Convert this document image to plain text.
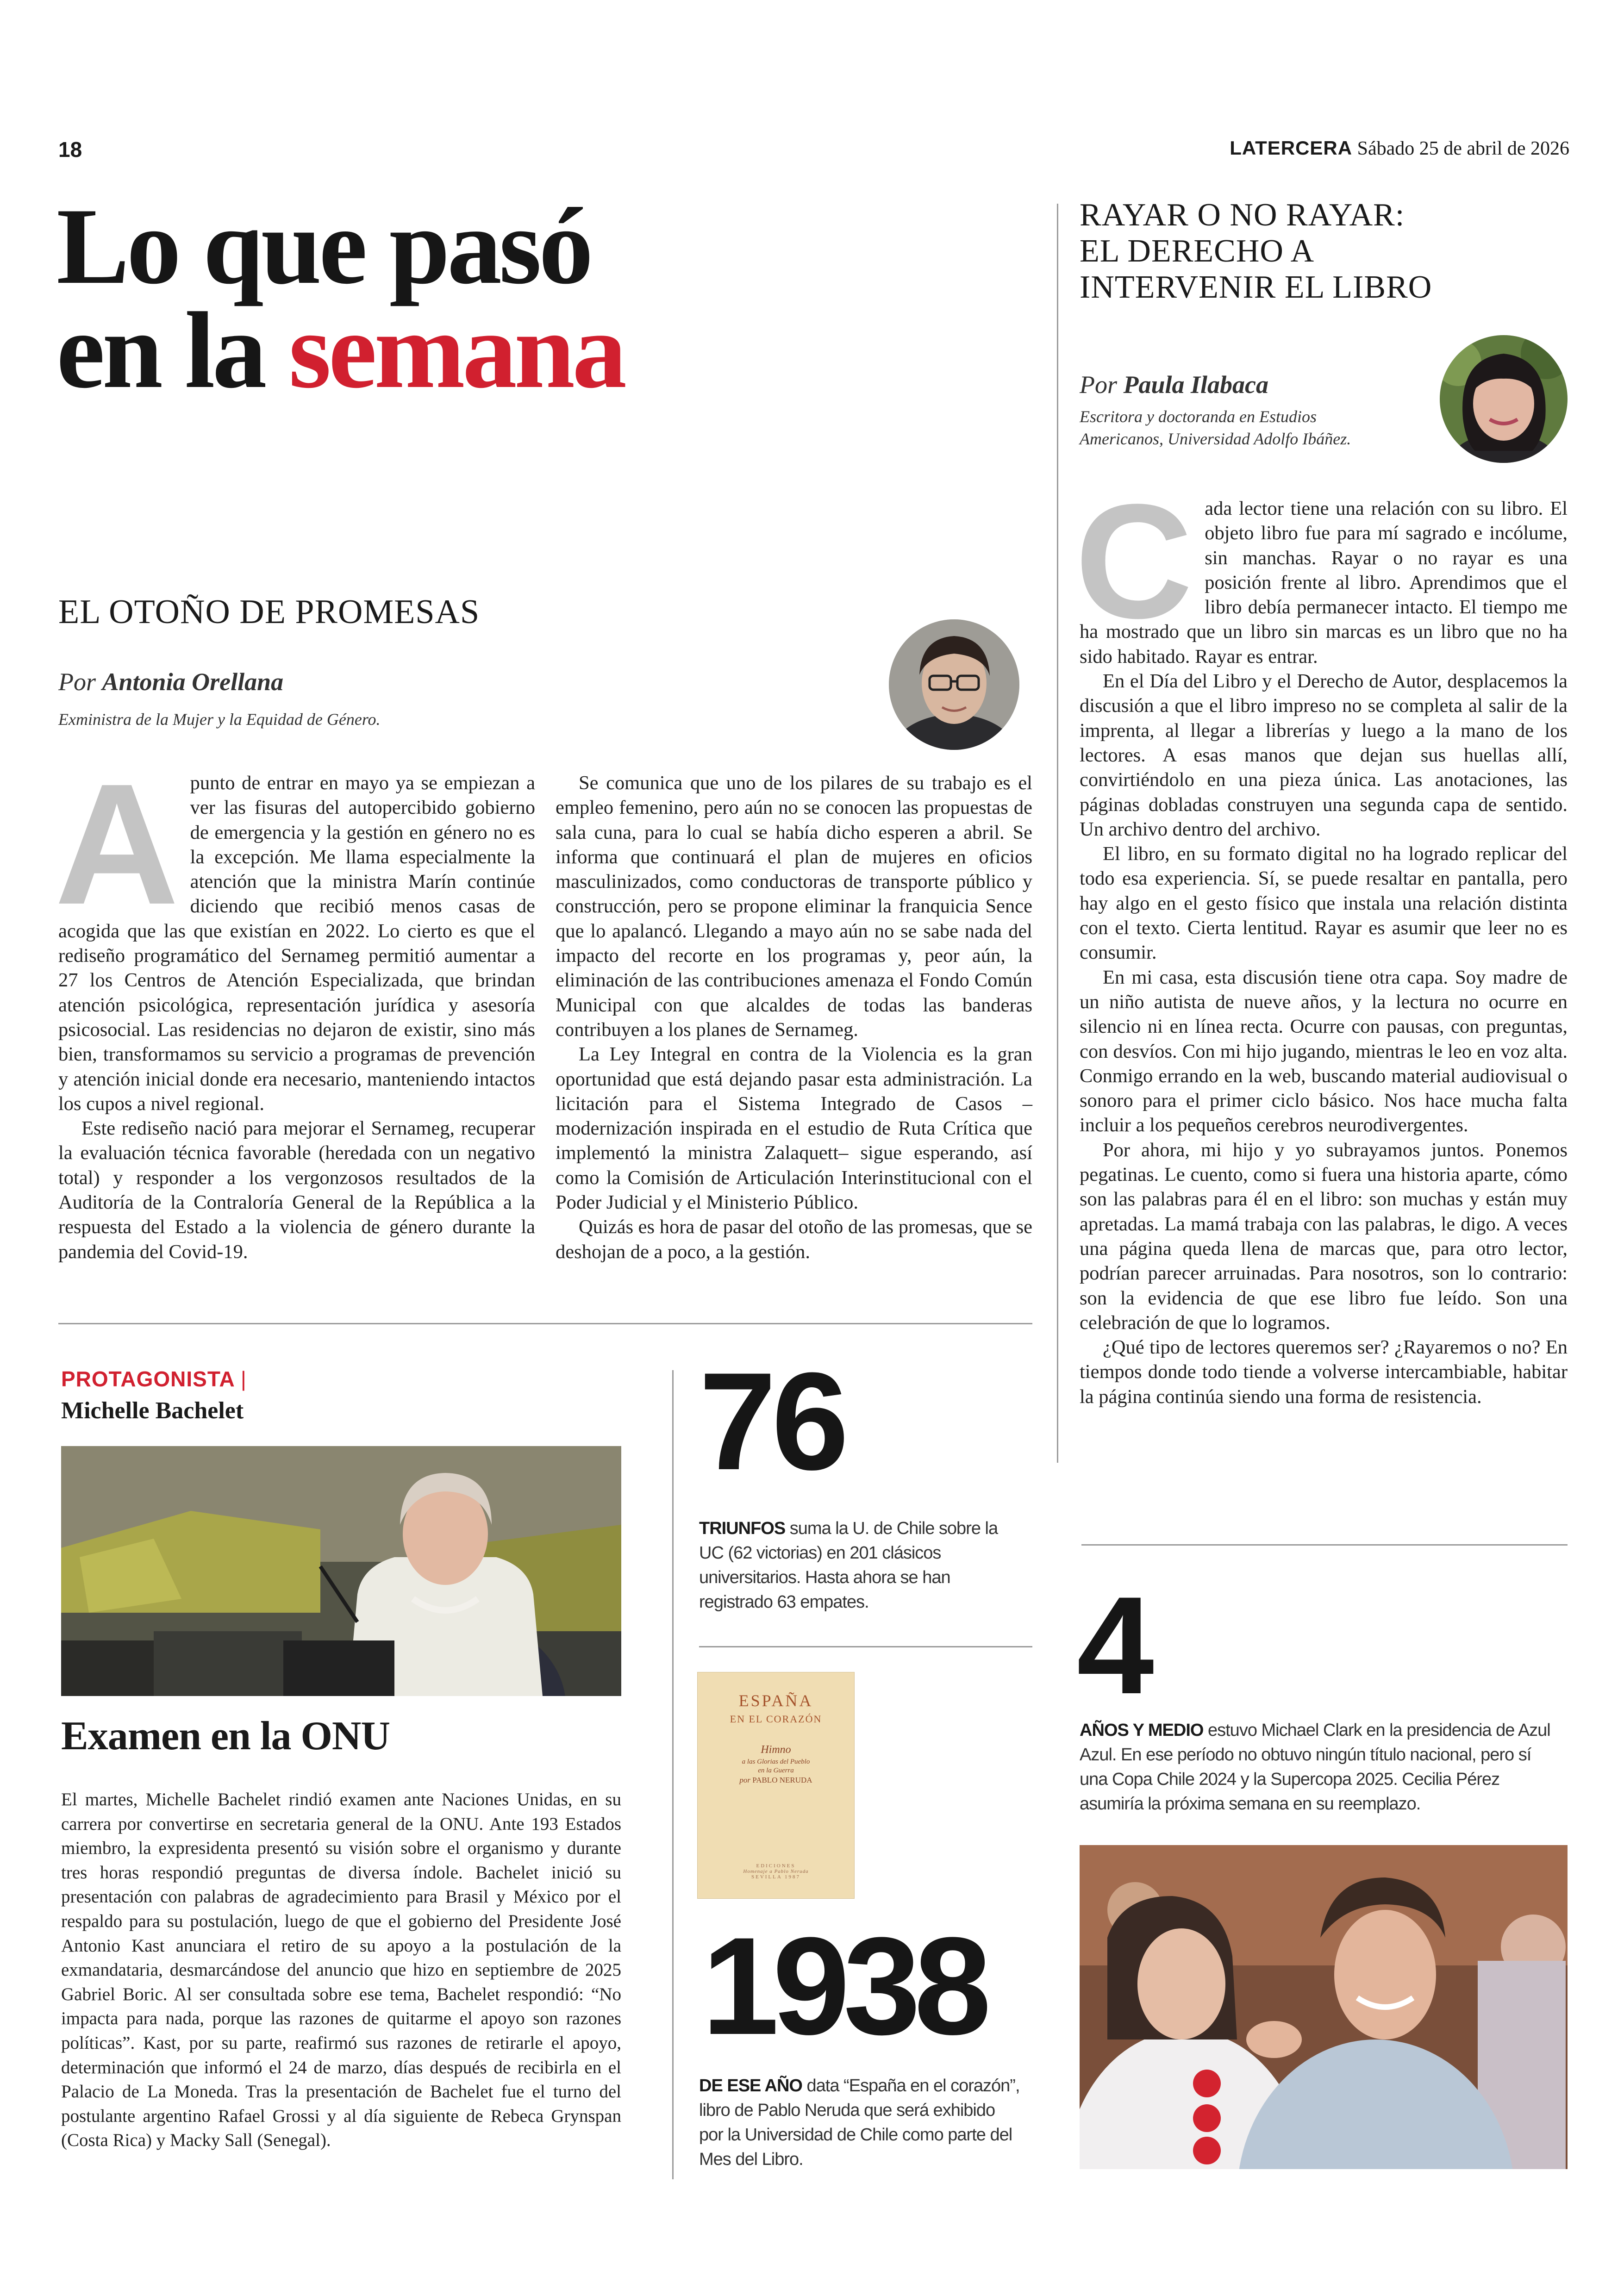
18	LATERCERA Sábado 25 de abril de 2026
Lo que pasó
en la semana
EL OTOÑO DE PROMESAS
Por Antonia Orellana
Exministra de la Mujer y la Equidad de Género.
A punto de entrar en mayo ya se empiezan a ver las fisuras del autopercibido gobierno de emergencia y la gestión en género no es la excepción. Me llama especialmente la atención que la ministra Marín continúe diciendo que recibió menos casas de acogida que las que existían en 2022. Lo cierto es que el rediseño programático del Sernameg permitió aumentar a 27 los Centros de Atención Especializada, que brindan atención psicológica, representación jurídica y asesoría psicosocial. Las residencias no dejaron de existir, sino más bien, transformamos su servicio a programas de prevención y atención inicial donde era necesario, manteniendo intactos los cupos a nivel regional.

Este rediseño nació para mejorar el Sernameg, recuperar la evaluación técnica favorable (heredada con un negativo total) y responder a los vergonzosos resultados de la Auditoría de la Contraloría General de la República a la respuesta del Estado a la violencia de género durante la pandemia del Covid-19.

Se comunica que uno de los pilares de su trabajo es el empleo femenino, pero aún no se conocen las propuestas de sala cuna, para lo cual se había dicho esperen a abril. Se informa que continuará el plan de mujeres en oficios masculinizados, como conductoras de transporte público y construcción, pero se propone eliminar la franquicia Sence que lo apalancó. Llegando a mayo aún no se sabe nada del impacto del recorte en los programas y, peor aún, la eliminación de las contribuciones amenaza el Fondo Común Municipal con que alcaldes de todas las banderas contribuyen a los planes de Sernameg.

La Ley Integral en contra de la Violencia es la gran oportunidad que está dejando pasar esta administración. La licitación para el Sistema Integrado de Casos –modernización inspirada en el estudio de Ruta Crítica que implementó la ministra Zalaquett– sigue esperando, así como la Comisión de Articulación Interinstitucional con el Poder Judicial y el Ministerio Público.

Quizás es hora de pasar del otoño de las promesas, que se deshojan de a poco, a la gestión.

RAYAR O NO RAYAR:
EL DERECHO A
INTERVENIR EL LIBRO
Por Paula Ilabaca
Escritora y doctoranda en Estudios
Americanos, Universidad Adolfo Ibáñez.
C ada lector tiene una relación con su libro. El objeto libro fue para mí sagrado e incólume, sin manchas. Rayar o no rayar es una posición frente al libro. Aprendimos que el libro debía permanecer intacto. El tiempo me ha mostrado que un libro sin marcas es un libro que no ha sido habitado. Rayar es entrar.

En el Día del Libro y el Derecho de Autor, desplacemos la discusión a que el libro impreso no se completa al salir de la imprenta, al llegar a librerías y luego a la mano de los lectores. A esas manos que dejan sus huellas allí, convirtiéndolo en una pieza única. Las anotaciones, las páginas dobladas construyen una segunda capa de sentido. Un archivo dentro del archivo.

El libro, en su formato digital no ha logrado replicar del todo esa experiencia. Sí, se puede resaltar en pantalla, pero hay algo en el gesto físico que instala una relación distinta con el texto. Cierta lentitud. Rayar es asumir que leer no es consumir.

En mi casa, esta discusión tiene otra capa. Soy madre de un niño autista de nueve años, y la lectura no ocurre en silencio ni en línea recta. Ocurre con pausas, con preguntas, con desvíos. Con mi hijo jugando, mientras le leo en voz alta. Conmigo errando en la web, buscando material audiovisual o sonoro para el primer ciclo básico. Nos hace mucha falta incluir a los pequeños cerebros neurodivergentes.

Por ahora, mi hijo y yo subrayamos juntos. Ponemos pegatinas. Le cuento, como si fuera una historia aparte, cómo son las palabras para él en el libro: son muchas y están muy apretadas. La mamá trabaja con las palabras, le digo. A veces una página queda llena de marcas que, para otro lector, podrían parecer arruinadas. Para nosotros, son lo contrario: son la evidencia de que ese libro fue leído. Son una celebración de que lo logramos.

¿Qué tipo de lectores queremos ser? ¿Rayaremos o no? En tiempos donde todo tiende a volverse intercambiable, habitar la página continúa siendo una forma de resistencia.

PROTAGONISTA |
Michelle Bachelet
Examen en la ONU

El martes, Michelle Bachelet rindió examen ante Naciones Unidas, en su carrera por convertirse en secretaria general de la ONU. Ante 193 Estados miembro, la expresidenta presentó su visión sobre el organismo y durante tres horas respondió preguntas de diversa índole. Bachelet inició su presentación con palabras de agradecimiento para Brasil y México por el respaldo para su postulación, luego de que el gobierno del Presidente José Antonio Kast anunciara el retiro de su apoyo a la postulación de la exmandataria, desmarcándose del anuncio que hizo en septiembre de 2025 Gabriel Boric. Al ser consultada sobre ese tema, Bachelet respondió: “No impacta para nada, porque las razones de quitarme el apoyo son razones políticas”. Kast, por su parte, reafirmó sus razones de retirarle el apoyo, determinación que informó el 24 de marzo, días después de recibirla en el Palacio de La Moneda. Tras la presentación de Bachelet fue el turno del postulante argentino Rafael Grossi y al día siguiente de Rebeca Grynspan (Costa Rica) y Macky Sall (Senegal).

76
TRIUNFOS suma la U. de Chile sobre la UC (62 victorias) en 201 clásicos universitarios. Hasta ahora se han registrado 63 empates.
ESPAÑA
EN EL CORAZÓN
Himno
a las Glorias del Pueblo
en la Guerra
por PABLO NERUDA
EDICIONES
Homenaje a Pablo Neruda
SEVILLA 1987
1938
DE ESE AÑO data “España en el corazón”, libro de Pablo Neruda que será exhibido por la Universidad de Chile como parte del Mes del Libro.
4
AÑOS Y MEDIO estuvo Michael Clark en la presidencia de Azul Azul. En ese período no obtuvo ningún título nacional, pero sí una Copa Chile 2024 y la Supercopa 2025. Cecilia Pérez asumiría la próxima semana en su reemplazo.
